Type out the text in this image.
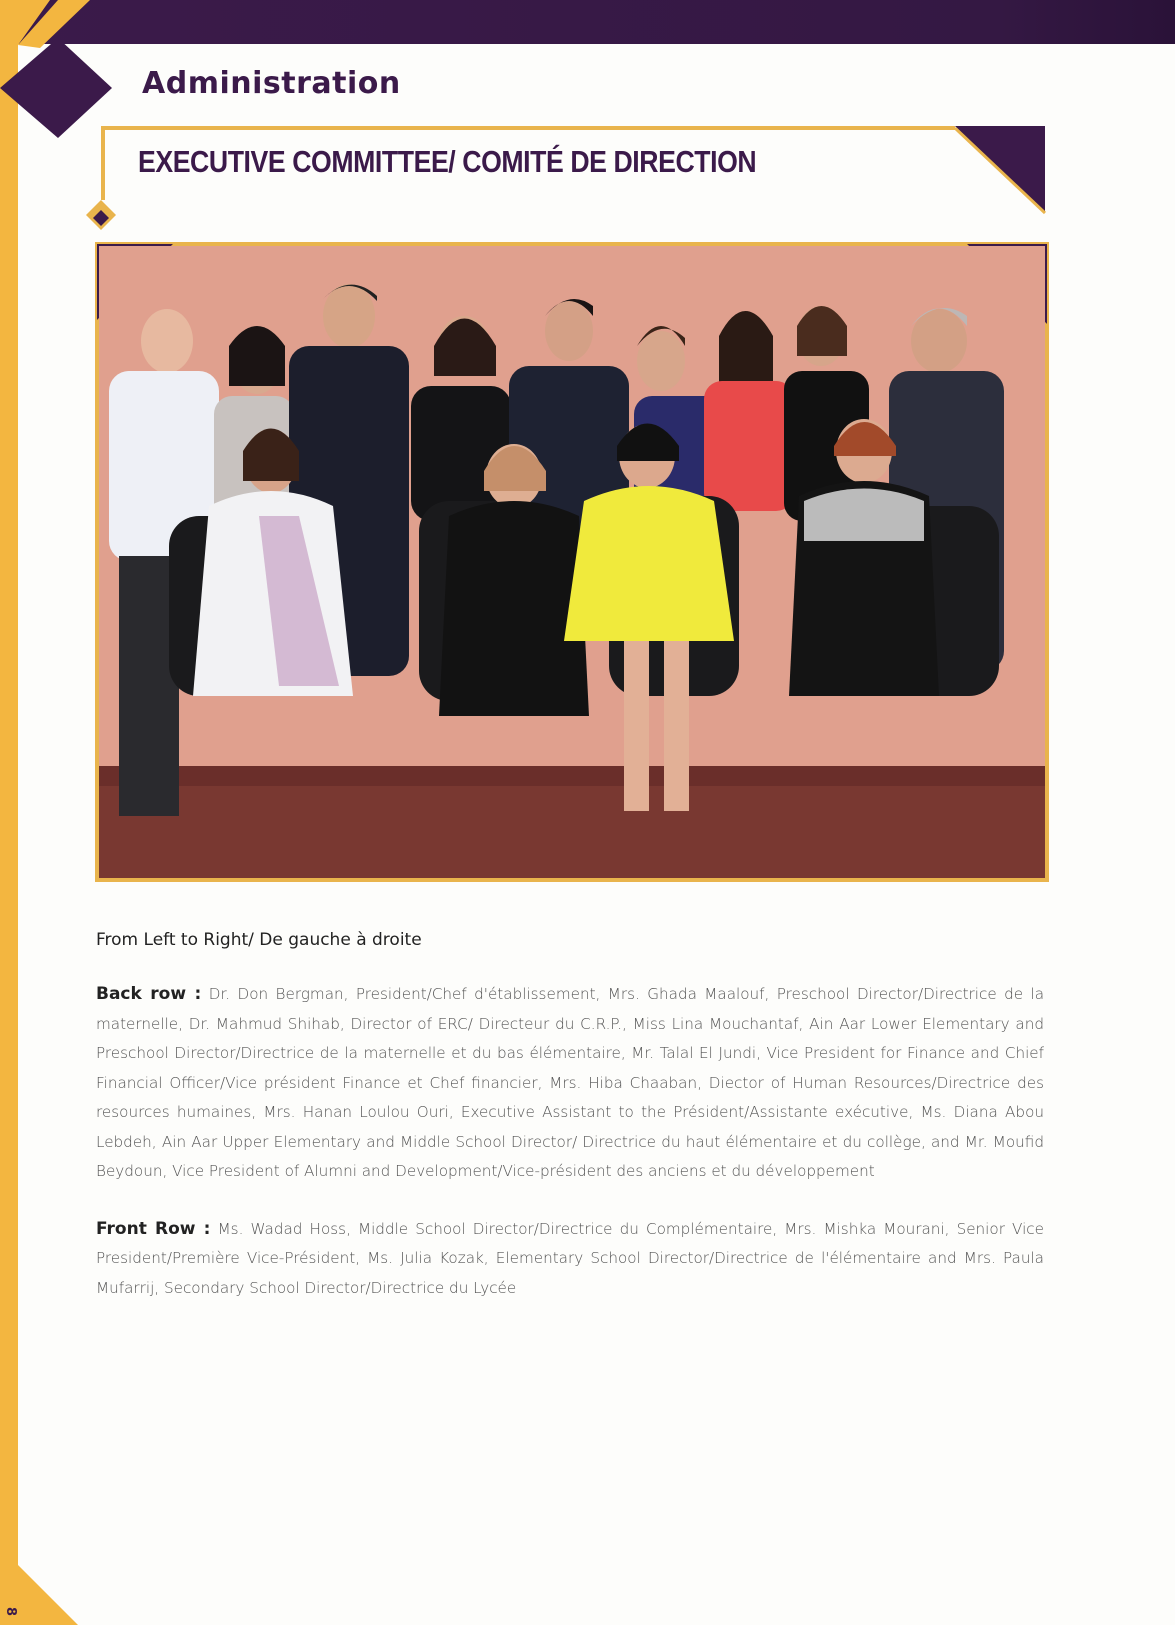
Administration
EXECUTIVE COMMITTEE/ COMITÉ DE DIRECTION

From Left to Right/ De gauche à droite

Back row : Dr. Don Bergman, President/Chef d'établissement, Mrs. Ghada Maalouf, Preschool Director/Directrice de la maternelle, Dr. Mahmud Shihab, Director of ERC/ Directeur du C.R.P., Miss Lina Mouchantaf, Ain Aar Lower Elementary and Preschool Director/Directrice de la maternelle et du bas élémentaire, Mr. Talal El Jundi, Vice President for Finance and Chief Financial Officer/Vice président Finance et Chef financier, Mrs. Hiba Chaaban, Diector of Human Resources/Directrice des resources humaines, Mrs. Hanan Loulou Ouri, Executive Assistant to the Président/Assistante exécutive, Ms. Diana Abou Lebdeh, Ain Aar Upper Elementary and Middle School Director/ Directrice du haut élémentaire et du collège, and Mr. Moufid Beydoun, Vice President of Alumni and Development/Vice-président des anciens et du développement

Front Row : Ms. Wadad Hoss, Middle School Director/Directrice du Complémentaire, Mrs. Mishka Mourani, Senior Vice President/Première Vice-Président, Ms. Julia Kozak, Elementary School Director/Directrice de l'élémentaire and Mrs. Paula Mufarrij, Secondary School Director/Directrice du Lycée

8
